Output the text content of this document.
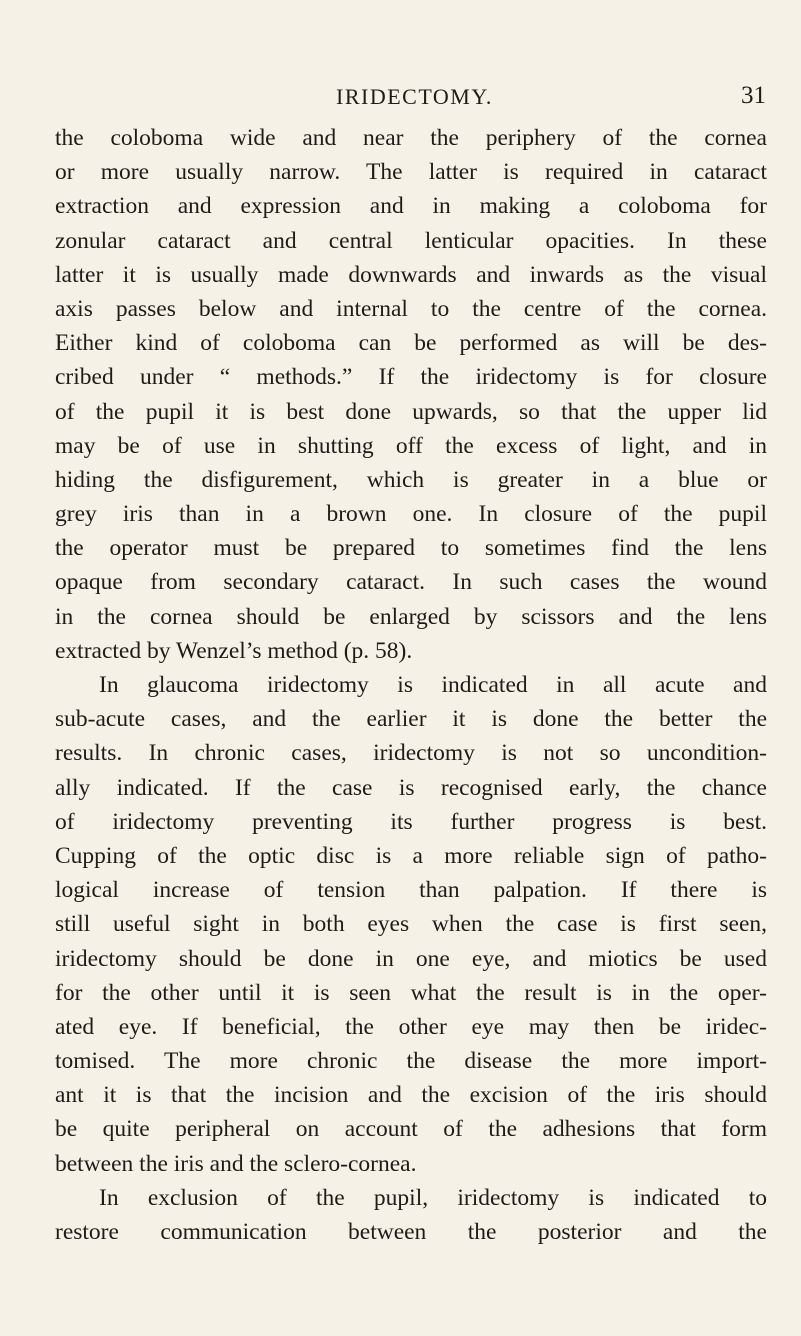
IRIDECTOMY.	31
the coloboma wide and near the periphery of the cornea
or more usually narrow. The latter is required in cataract
extraction and expression and in making a coloboma for
zonular cataract and central lenticular opacities. In these
latter it is usually made downwards and inwards as the visual
axis passes below and internal to the centre of the cornea.
Either kind of coloboma can be performed as will be des-
cribed under “ methods.” If the iridectomy is for closure
of the pupil it is best done upwards, so that the upper lid
may be of use in shutting off the excess of light, and in
hiding the disfigurement, which is greater in a blue or
grey iris than in a brown one. In closure of the pupil
the operator must be prepared to sometimes find the lens
opaque from secondary cataract. In such cases the wound
in the cornea should be enlarged by scissors and the lens
extracted by Wenzel’s method (p. 58).
In glaucoma iridectomy is indicated in all acute and
sub-acute cases, and the earlier it is done the better the
results. In chronic cases, iridectomy is not so uncondition-
ally indicated. If the case is recognised early, the chance
of iridectomy preventing its further progress is best.
Cupping of the optic disc is a more reliable sign of patho-
logical increase of tension than palpation. If there is
still useful sight in both eyes when the case is first seen,
iridectomy should be done in one eye, and miotics be used
for the other until it is seen what the result is in the oper-
ated eye. If beneficial, the other eye may then be iridec-
tomised. The more chronic the disease the more import-
ant it is that the incision and the excision of the iris should
be quite peripheral on account of the adhesions that form
between the iris and the sclero-cornea.
In exclusion of the pupil, iridectomy is indicated to
restore communication between the posterior and the
